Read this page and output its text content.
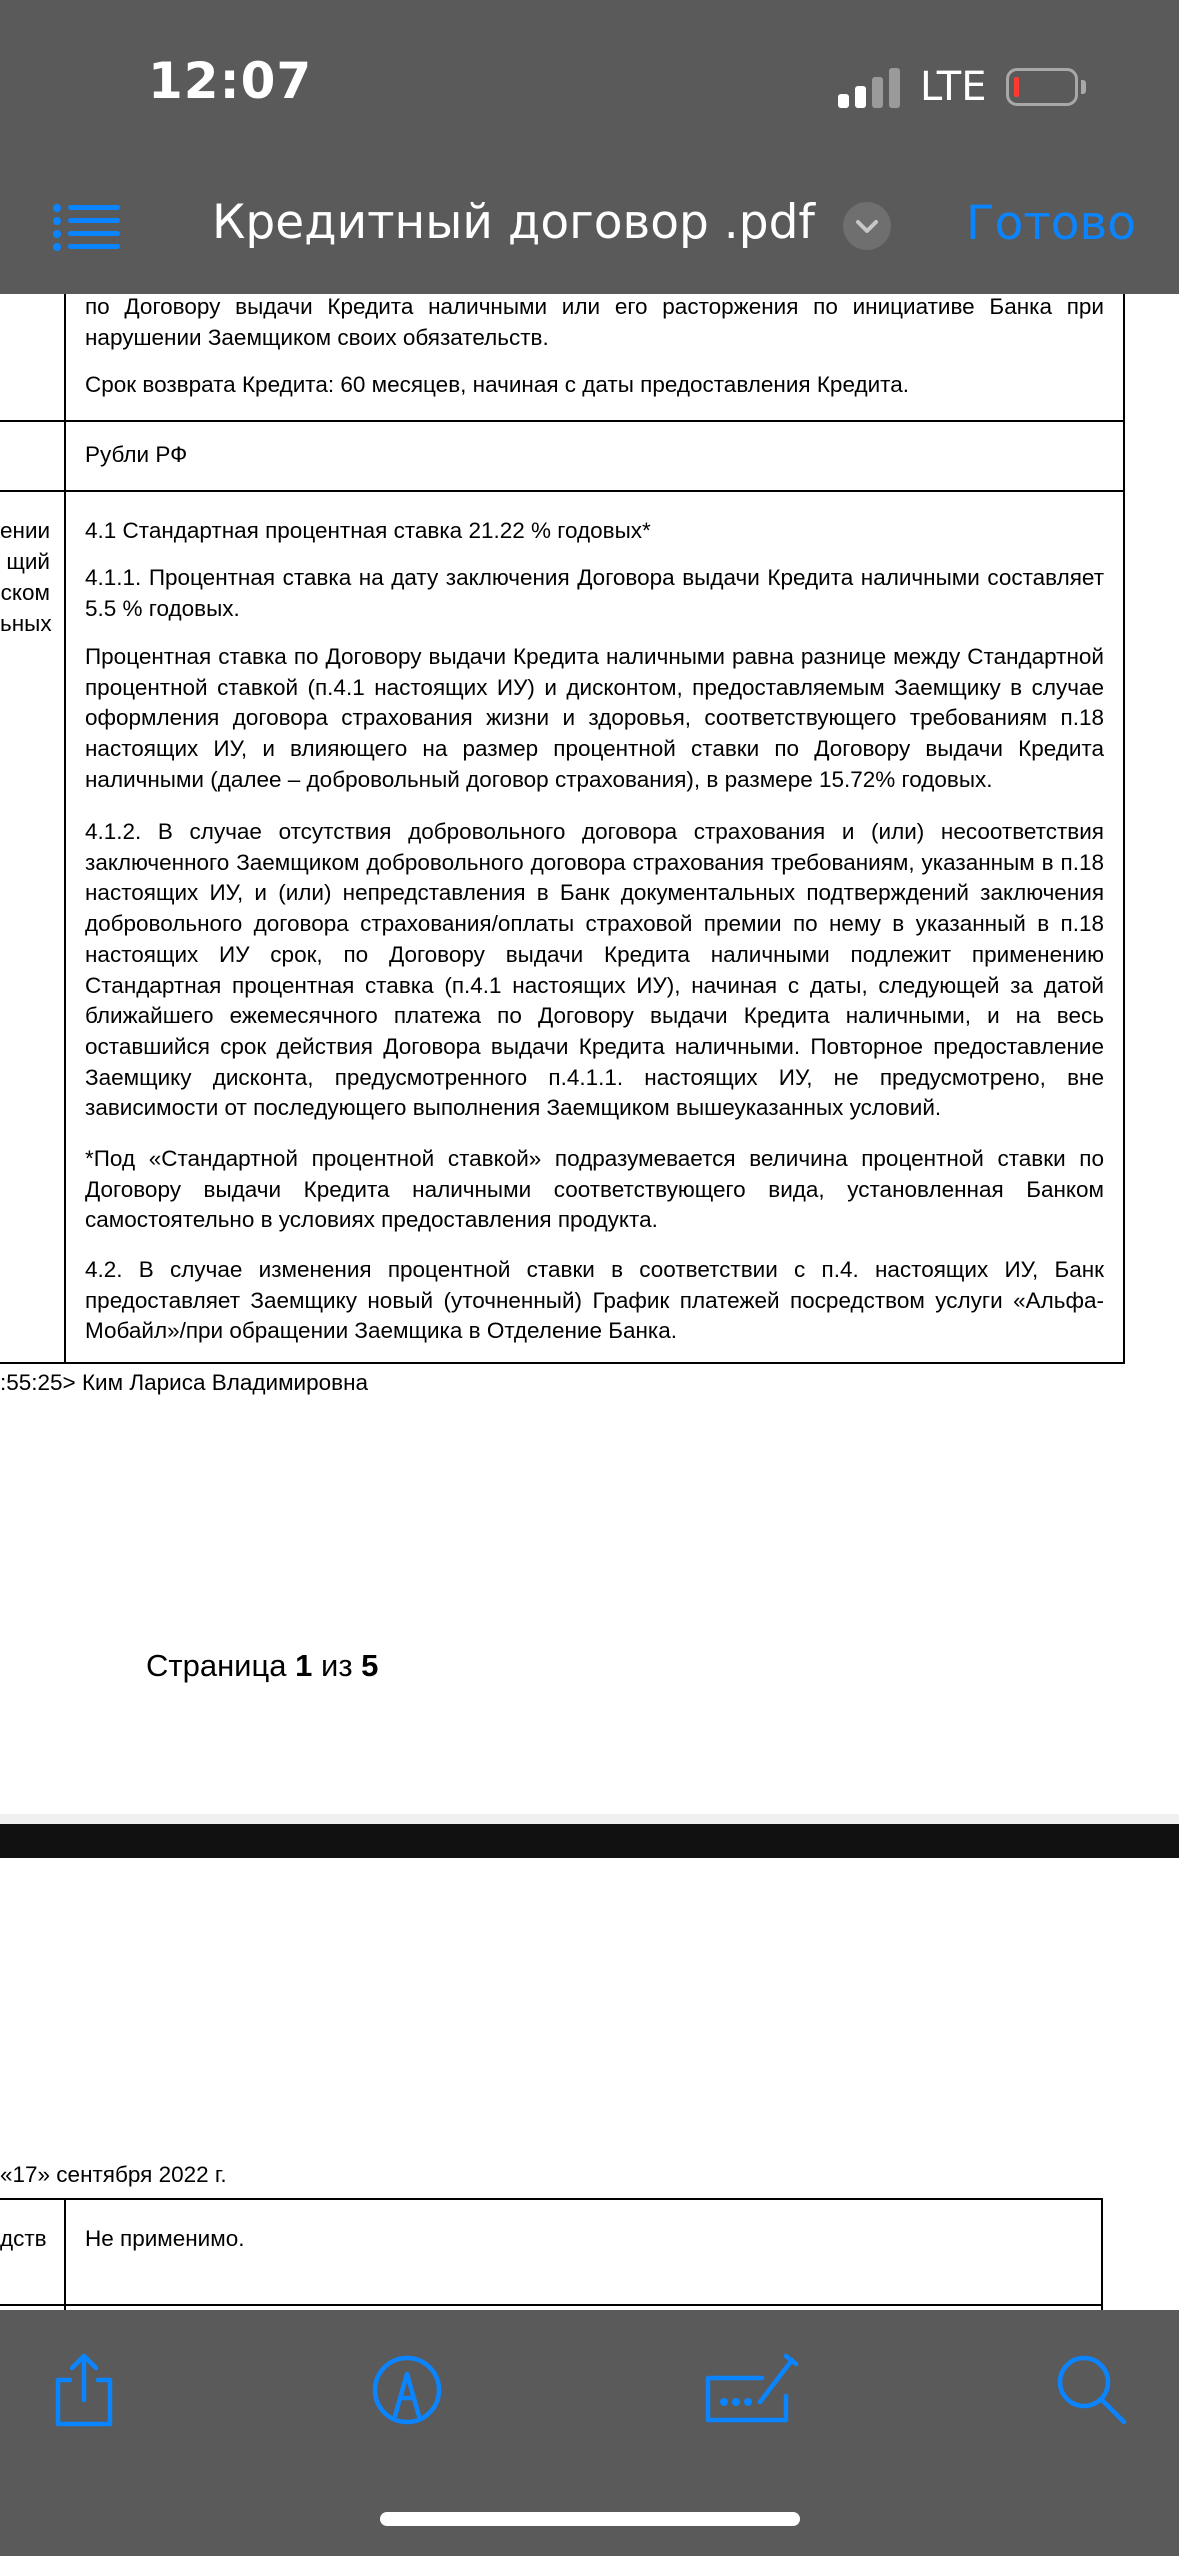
12:07	LTE
Кредитный договор .pdf	Готово
ении
щий
ском
ьных

по Договору выдачи Кредита наличными или его расторжения по инициативе Банка при нарушении Заемщиком своих обязательств.

Срок возврата Кредита: 60 месяцев, начиная с даты предоставления Кредита.

Рубли РФ

4.1 Стандартная процентная ставка 21.22 % годовых*

4.1.1. Процентная ставка на дату заключения Договора выдачи Кредита наличными составляет 5.5 % годовых.

Процентная ставка по Договору выдачи Кредита наличными равна разнице между Стандартной процентной ставкой (п.4.1 настоящих ИУ) и дисконтом, предоставляемым Заемщику в случае оформления договора страхования жизни и здоровья, соответствующего требованиям п.18 настоящих ИУ, и влияющего на размер процентной ставки по Договору выдачи Кредита наличными (далее – добровольный договор страхования), в размере 15.72% годовых.

4.1.2. В случае отсутствия добровольного договора страхования и (или) несоответствия заключенного Заемщиком добровольного договора страхования требованиям, указанным в п.18 настоящих ИУ, и (или) непредставления в Банк документальных подтверждений заключения добровольного договора страхования/оплаты страховой премии по нему в указанный в п.18 настоящих ИУ срок, по Договору выдачи Кредита наличными подлежит применению Стандартная процентная ставка (п.4.1 настоящих ИУ), начиная с даты, следующей за датой ближайшего ежемесячного платежа по Договору выдачи Кредита наличными, и на весь оставшийся срок действия Договора выдачи Кредита наличными. Повторное предоставление Заемщику дисконта, предусмотренного п.4.1.1. настоящих ИУ, не предусмотрено, вне зависимости от последующего выполнения Заемщиком вышеуказанных условий.

*Под «Стандартной процентной ставкой» подразумевается величина процентной ставки по Договору выдачи Кредита наличными соответствующего вида, установленная Банком самостоятельно в условиях предоставления продукта.

4.2. В случае изменения процентной ставки в соответствии с п.4. настоящих ИУ, Банк предоставляет Заемщику новый (уточненный) График платежей посредством услуги «Альфа-Мобайл»/при обращении Заемщика в Отделение Банка.

:55:25> Ким Лариса Владимировна
Страница 1 из 5
«17» сентября 2022 г.
дств Не применимо.
